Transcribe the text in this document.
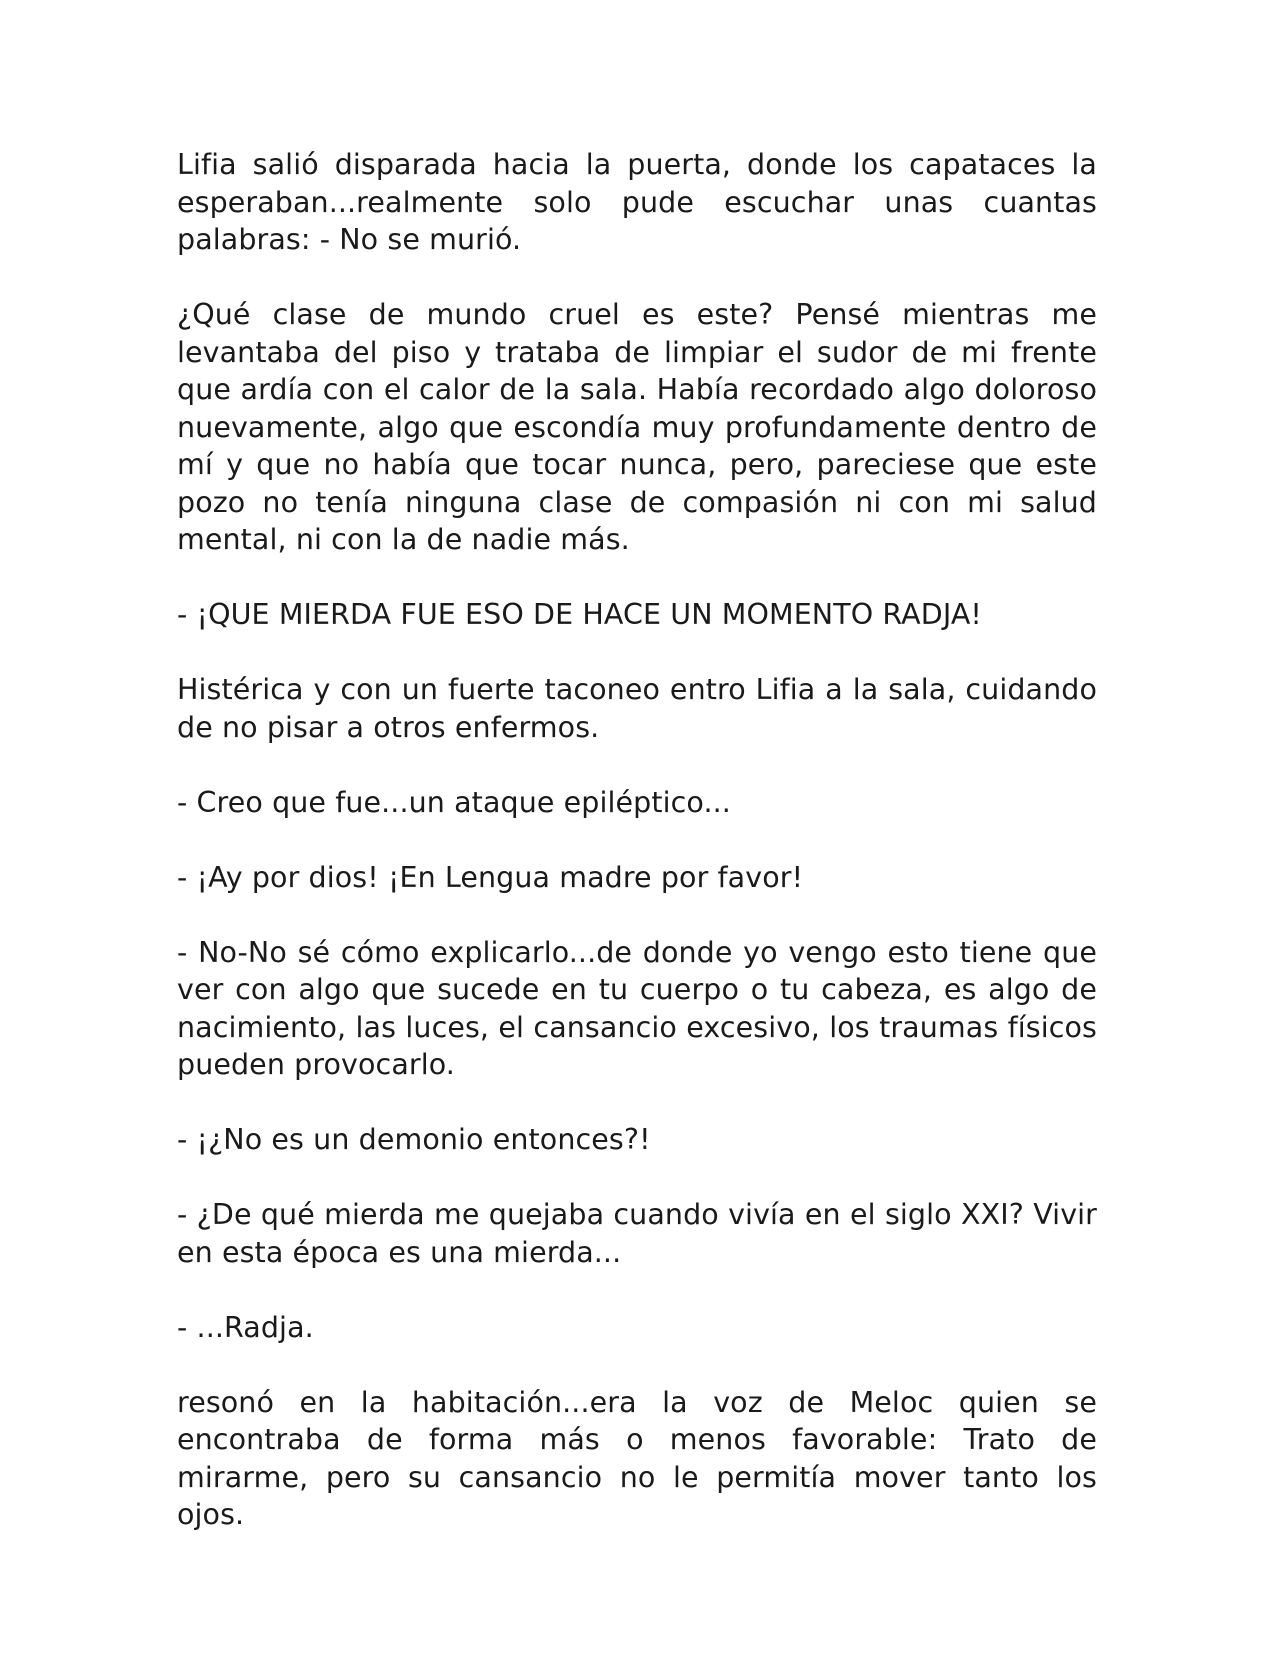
Lifia salió disparada hacia la puerta, donde los capataces la esperaban...realmente solo pude escuchar unas cuantas palabras: - No se murió.

¿Qué clase de mundo cruel es este? Pensé mientras me levantaba del piso y trataba de limpiar el sudor de mi frente que ardía con el calor de la sala. Había recordado algo doloroso nuevamente, algo que escondía muy profundamente dentro de mí y que no había que tocar nunca, pero, pareciese que este pozo no tenía ninguna clase de compasión ni con mi salud mental, ni con la de nadie más.

- ¡QUE MIERDA FUE ESO DE HACE UN MOMENTO RADJA!

Histérica y con un fuerte taconeo entro Lifia a la sala, cuidando de no pisar a otros enfermos.

- Creo que fue...un ataque epiléptico...

- ¡Ay por dios! ¡En Lengua madre por favor!

- No-No sé cómo explicarlo...de donde yo vengo esto tiene que ver con algo que sucede en tu cuerpo o tu cabeza, es algo de nacimiento, las luces, el cansancio excesivo, los traumas físicos pueden provocarlo.

- ¡¿No es un demonio entonces?!

- ¿De qué mierda me quejaba cuando vivía en el siglo XXI? Vivir en esta época es una mierda...

- ...Radja.

resonó en la habitación...era la voz de Meloc quien se encontraba de forma más o menos favorable: Trato de mirarme, pero su cansancio no le permitía mover tanto los ojos.
